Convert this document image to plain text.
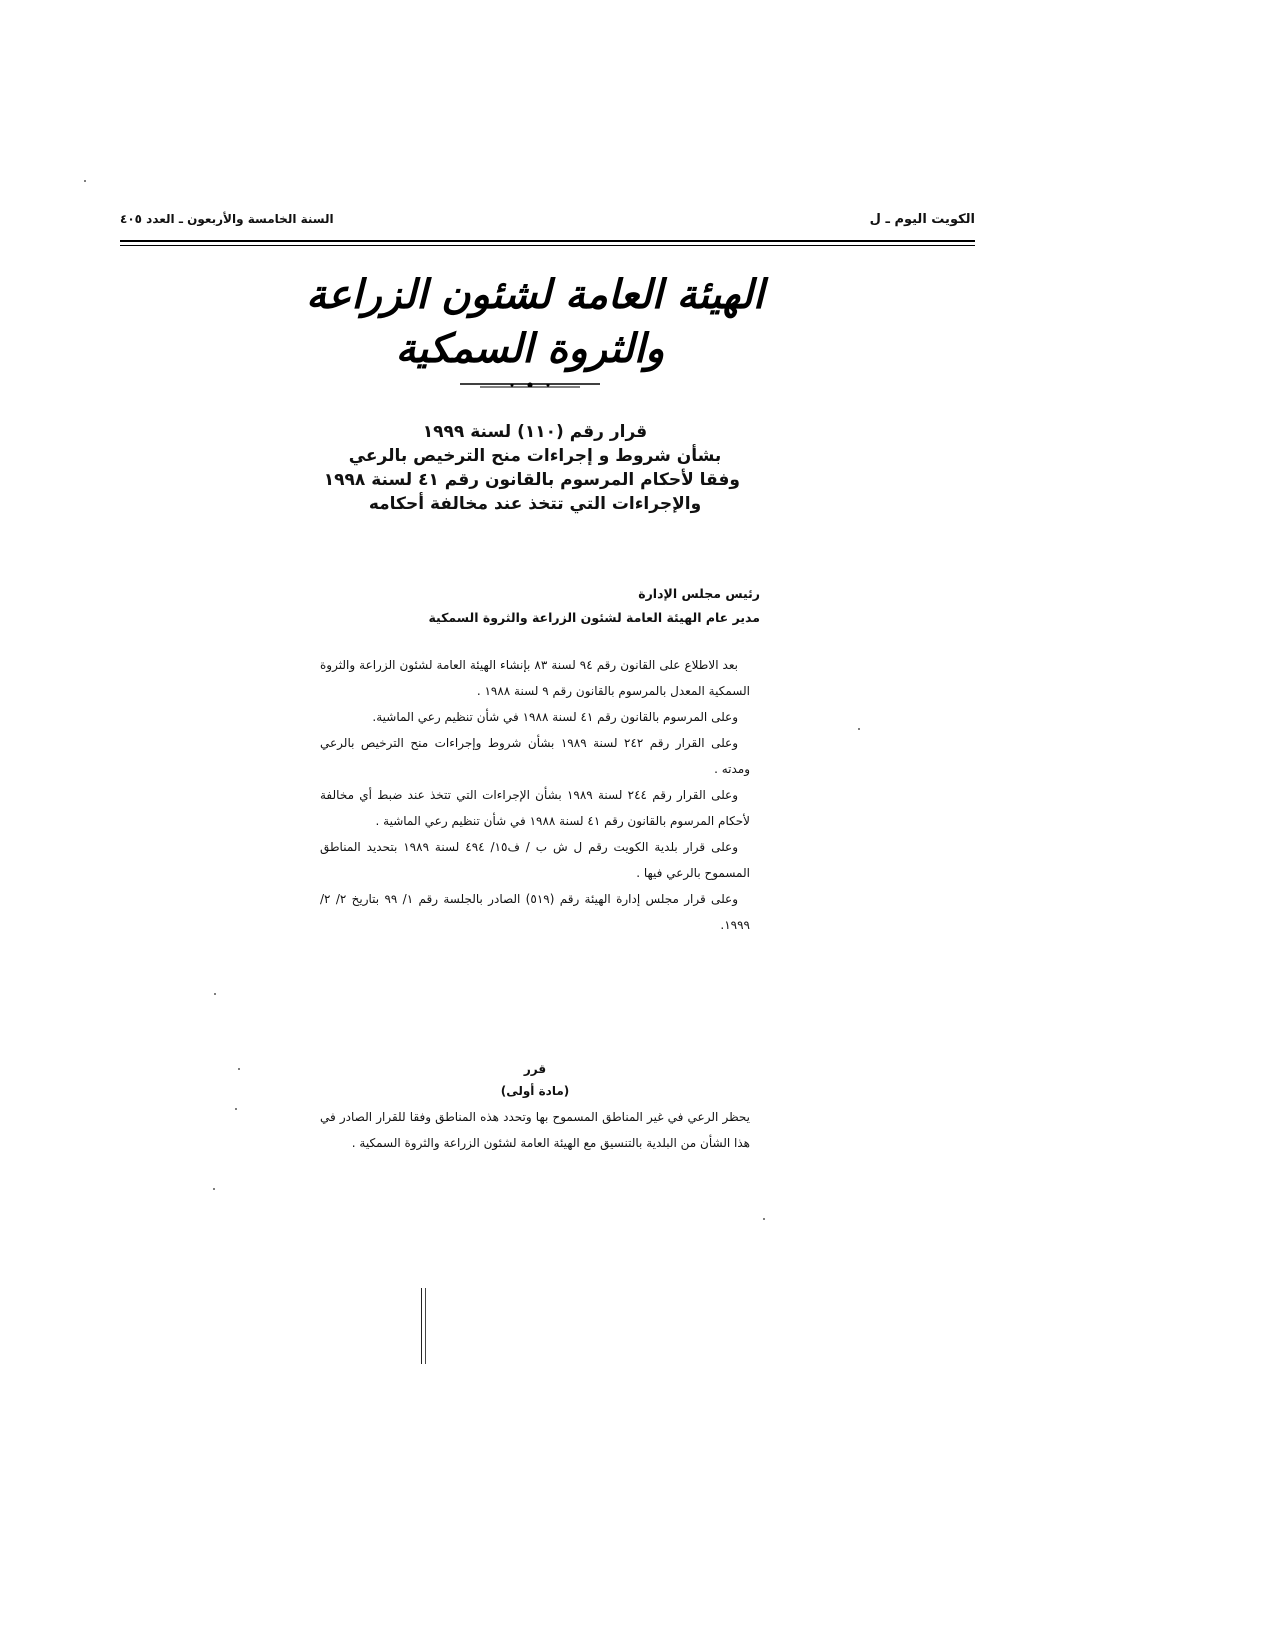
الكويت اليوم ـ ل
السنة الخامسة والأربعون ـ العدد ٤٠٥
الهيئة العامة لشئون الزراعة
والثروة السمكية
قرار رقم (١١٠) لسنة ١٩٩٩
بشأن شروط و إجراءات منح الترخيص بالرعي
وفقا لأحكام المرسوم بالقانون رقم ٤١ لسنة ١٩٩٨
والإجراءات التي تتخذ عند مخالفة أحكامه
رئيس مجلس الإدارة
مدير عام الهيئة العامة لشئون الزراعة والثروة السمكية

بعد الاطلاع على القانون رقم ٩٤ لسنة ٨٣ بإنشاء الهيئة العامة لشئون الزراعة والثروة السمكية المعدل بالمرسوم بالقانون رقم ٩ لسنة ١٩٨٨ .

وعلى المرسوم بالقانون رقم ٤١ لسنة ١٩٨٨ في شأن تنظيم رعي الماشية.

وعلى القرار رقم ٢٤٢ لسنة ١٩٨٩ بشأن شروط وإجراءات منح الترخيص بالرعي ومدته .

وعلى القرار رقم ٢٤٤ لسنة ١٩٨٩ بشأن الإجراءات التي تتخذ عند ضبط أي مخالفة لأحكام المرسوم بالقانون رقم ٤١ لسنة ١٩٨٨ في شأن تنظيم رعي الماشية .

وعلى قرار بلدية الكويت رقم ل ش ب / ف١٥/ ٤٩٤ لسنة ١٩٨٩ بتحديد المناطق المسموح بالرعي فيها .

وعلى قرار مجلس إدارة الهيئة رقم (٥١٩) الصادر بالجلسة رقم ١/ ٩٩ بتاريخ ٢/ ٢/ ١٩٩٩.

قرر
(مادة أولى)

يحظر الرعي في غير المناطق المسموح بها وتحدد هذه المناطق وفقا للقرار الصادر في هذا الشأن من البلدية بالتنسيق مع الهيئة العامة لشئون الزراعة والثروة السمكية .
